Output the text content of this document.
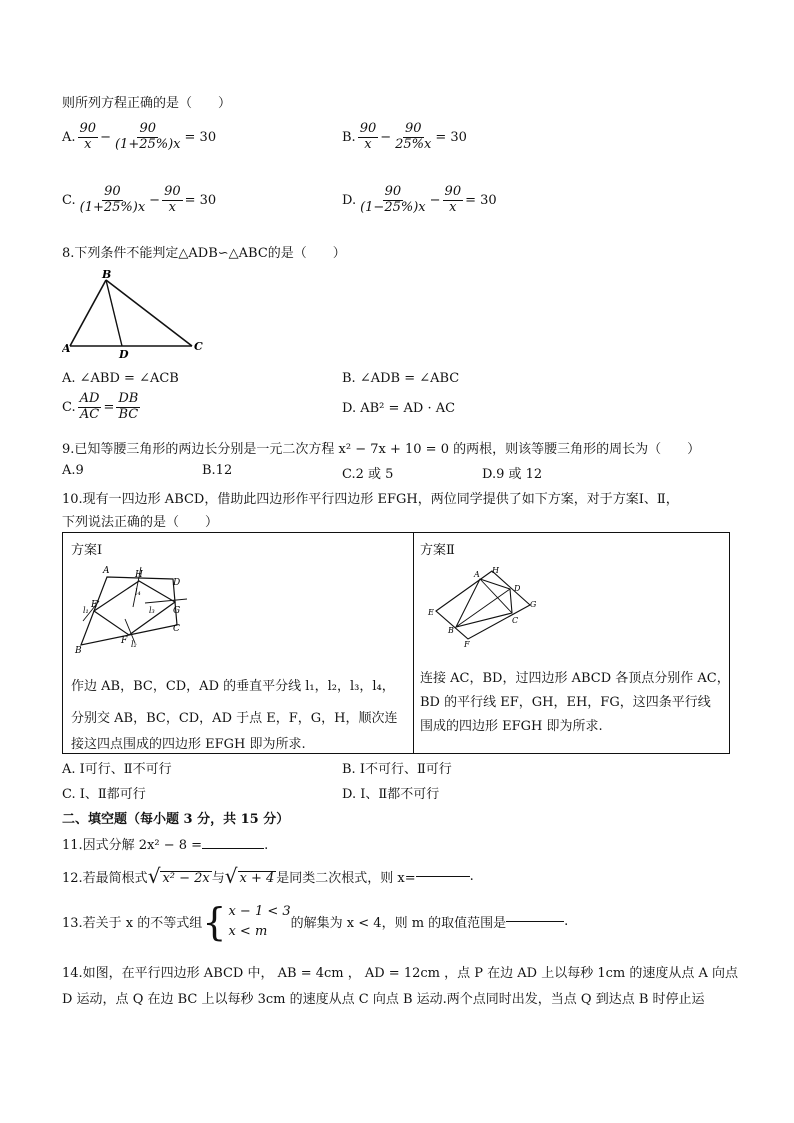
则所列方程正确的是（　　）
A. $\frac{90}{x} - \frac{90}{(1+25\%)x} = 30$	B. $\frac{90}{x} - \frac{90}{25\%x} = 30$
C. $\frac{90}{(1+25\%)x} - \frac{90}{x} = 30$	D. $\frac{90}{(1-25\%)x} - \frac{90}{x} = 30$
8.下列条件不能判定△ADB∽△ABC的是（　　）
B
A	D
C
A. ∠ABD = ∠ACB	B. ∠ADB = ∠ABC
C. $\frac{AD}{AC} = \frac{DB}{BC}$	D. AB² = AD · AC
9.已知等腰三角形的两边长分别是一元二次方程 x² − 7x + 10 = 0 的两根，则该等腰三角形的周长为（　　）
A.9	B.12	C.2 或 5	D.9 或 12
10.现有一四边形 ABCD，借助此四边形作平行四边形 EFGH，两位同学提供了如下方案，对于方案Ⅰ、Ⅱ，
下列说法正确的是（　　）
方案Ⅰ
A	H
D
E
l₁
l₄
l₃ G
C
B
F l₂
作边 AB，BC，CD，AD 的垂直平分线 l₁，l₂，l₃，l₄，
分别交 AB，BC，CD，AD 于点 E，F，G，H，顺次连
接这四点围成的四边形 EFGH 即为所求.

方案Ⅱ
A H
D
E
G
C
B
F
连接 AC，BD，过四边形 ABCD 各顶点分别作 AC，
BD 的平行线 EF，GH，EH，FG，这四条平行线
围成的四边形 EFGH 即为所求.
A. Ⅰ可行、Ⅱ不可行	B. Ⅰ不可行、Ⅱ可行
C. Ⅰ、Ⅱ都可行	D. Ⅰ、Ⅱ都不可行
二、填空题（每小题 3 分，共 15 分）
11.因式分解 2x² − 8 =	.
12.若最简根式 √ x² − 2x 与 √ x + 4 是同类二次根式，则 x=	.
13.若关于 x 的不等式组 { x − 1 < 3
x < m	的解集为 x < 4，则 m 的取值范围是	.
14.如图，在平行四边形 ABCD 中， AB = 4cm ， AD = 12cm ，点 P 在边 AD 上以每秒 1cm 的速度从点 A 向点
D 运动，点 Q 在边 BC 上以每秒 3cm 的速度从点 C 向点 B 运动.两个点同时出发，当点 Q 到达点 B 时停止运
